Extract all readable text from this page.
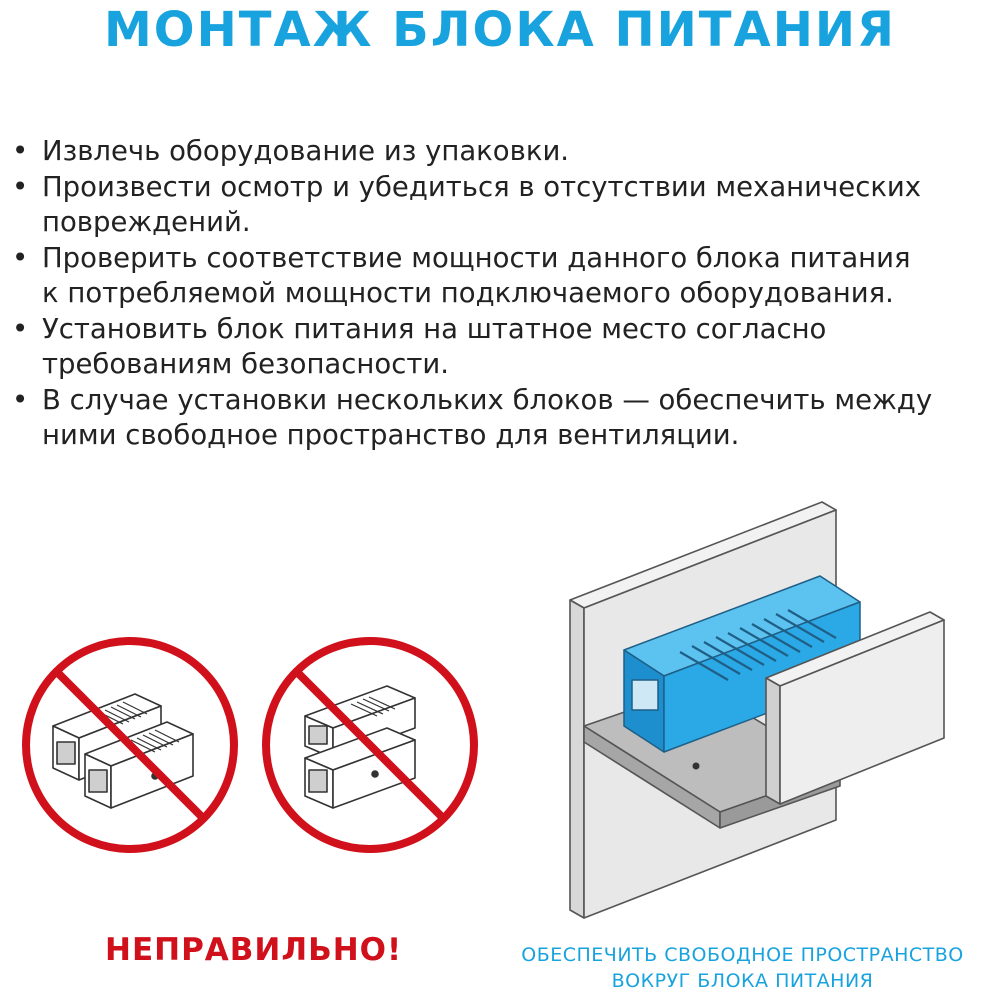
МОНТАЖ БЛОКА ПИТАНИЯ
• Извлечь оборудование из упаковки.
• Произвести осмотр и убедиться в отсутствии механических
повреждений.
• Проверить соответствие мощности данного блока питания
к потребляемой мощности подключаемого оборудования.
• Установить блок питания на штатное место согласно
требованиям безопасности.
• В случае установки нескольких блоков — обеспечить между
ними свободное пространство для вентиляции.
НЕПРАВИЛЬНО!	ОБЕСПЕЧИТЬ СВОБОДНОЕ ПРОСТРАНСТВО
ВОКРУГ БЛОКА ПИТАНИЯ
